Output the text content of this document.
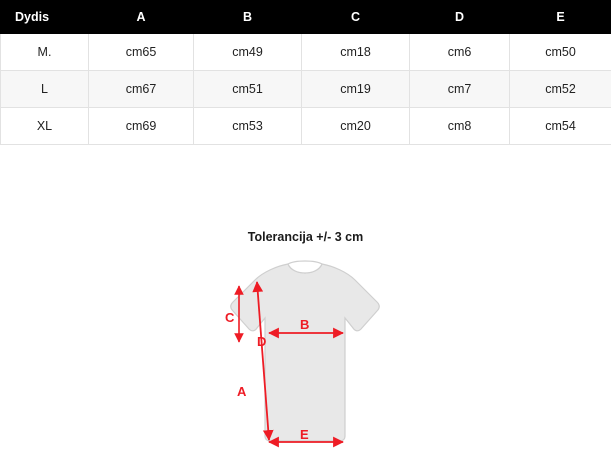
Dydis	A	B	C	D	E
M.	cm65	cm49	cm18	cm6	cm50
L	cm67	cm51	cm19	cm7	cm52
XL	cm69	cm53	cm20	cm8	cm54
Tolerancija +/- 3 cm
C
A
B
D
E
